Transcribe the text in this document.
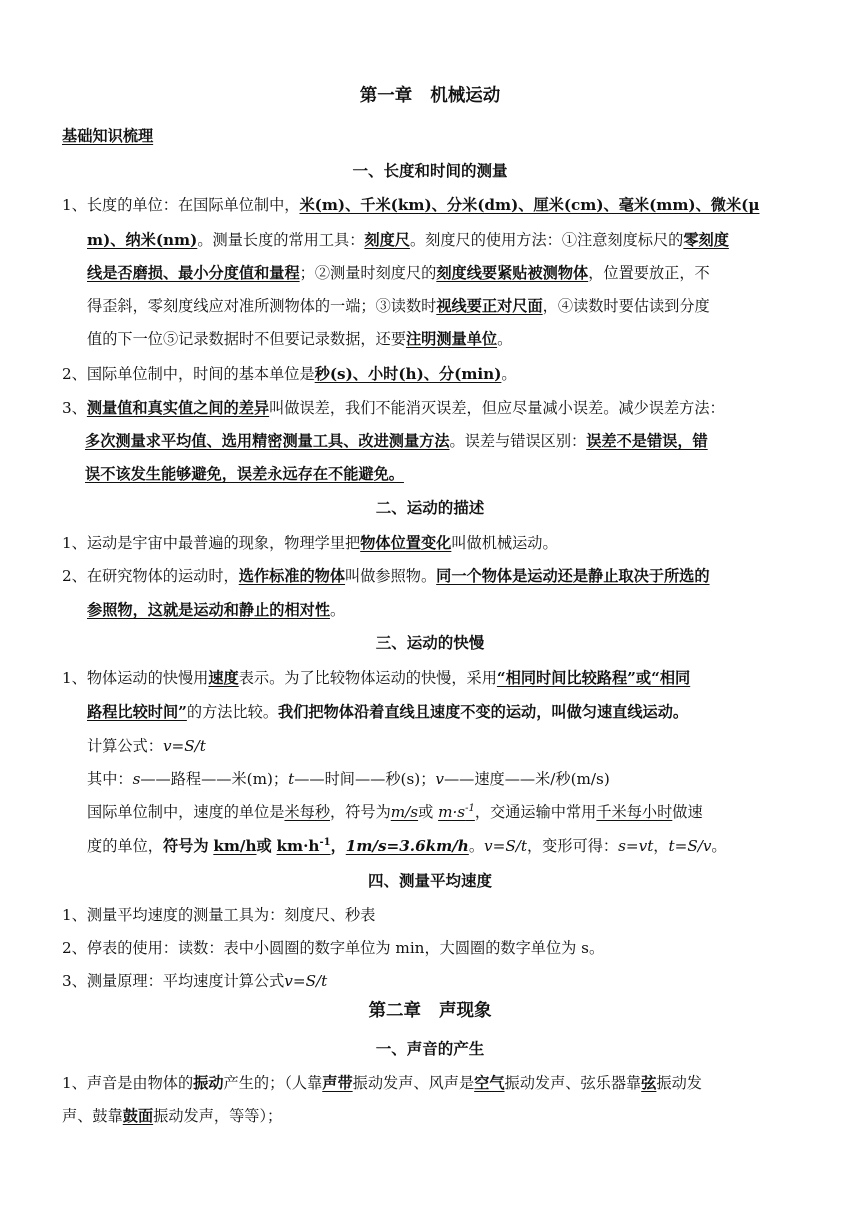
第一章 机械运动
基础知识梳理
一、长度和时间的测量
1、长度的单位：在国际单位制中，米(m)、千米(km)、分米(dm)、厘米(cm)、毫米(mm)、微米(μ
m)、纳米(nm)。测量长度的常用工具：刻度尺。刻度尺的使用方法：①注意刻度标尺的零刻度
线是否磨损、最小分度值和量程；②测量时刻度尺的刻度线要紧贴被测物体，位置要放正，不
得歪斜，零刻度线应对准所测物体的一端；③读数时视线要正对尺面，④读数时要估读到分度
值的下一位⑤记录数据时不但要记录数据，还要注明测量单位。
2、国际单位制中，时间的基本单位是秒(s)、小时(h)、分(min)。
3、测量值和真实值之间的差异叫做误差，我们不能消灭误差，但应尽量减小误差。减少误差方法：
多次测量求平均值、选用精密测量工具、改进测量方法。误差与错误区别：误差不是错误，错
误不该发生能够避免，误差永远存在不能避免。
二、运动的描述
1、运动是宇宙中最普遍的现象，物理学里把物体位置变化叫做机械运动。
2、在研究物体的运动时，选作标准的物体叫做参照物。同一个物体是运动还是静止取决于所选的
参照物，这就是运动和静止的相对性。
三、运动的快慢
1、物体运动的快慢用速度表示。为了比较物体运动的快慢，采用“相同时间比较路程”或“相同
路程比较时间”的方法比较。我们把物体沿着直线且速度不变的运动，叫做匀速直线运动。
计算公式：v=S/t
其中：s——路程——米(m)；t——时间——秒(s)；v——速度——米/秒(m/s)
国际单位制中，速度的单位是米每秒，符号为m/s或 $m\cdot s^{-1}$，交通运输中常用千米每小时做速
度的单位，符号为 km/h或 $km\cdot h^{-1}$，1m/s=3.6km/h。v=S/t，变形可得：s=vt，t=S/v。
四、测量平均速度
1、测量平均速度的测量工具为：刻度尺、秒表
2、停表的使用：读数：表中小圆圈的数字单位为 min，大圆圈的数字单位为 s。
3、测量原理：平均速度计算公式v=S/t
第二章 声现象
一、声音的产生
1、声音是由物体的振动产生的；（人靠声带振动发声、风声是空气振动发声、弦乐器靠弦振动发
声、鼓靠鼓面振动发声，等等）；
